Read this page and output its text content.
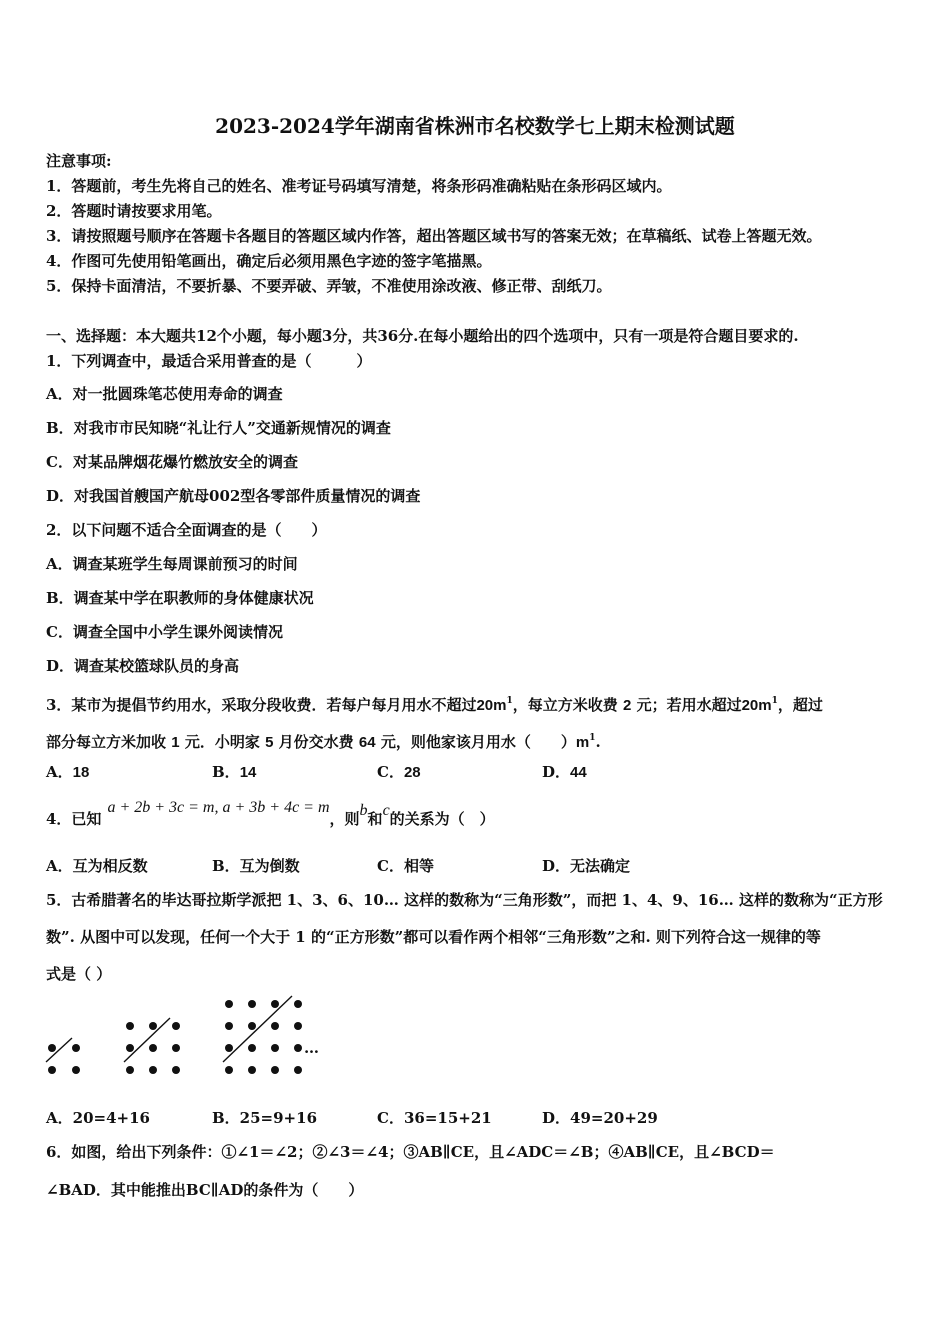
2023-2024学年湖南省株洲市名校数学七上期末检测试题
注意事项:
1．答题前，考生先将自己的姓名、准考证号码填写清楚，将条形码准确粘贴在条形码区域内。
2．答题时请按要求用笔。
3．请按照题号顺序在答题卡各题目的答题区域内作答，超出答题区域书写的答案无效；在草稿纸、试卷上答题无效。
4．作图可先使用铅笔画出，确定后必须用黑色字迹的签字笔描黑。
5．保持卡面清洁，不要折暴、不要弄破、弄皱，不准使用涂改液、修正带、刮纸刀。
一、选择题：本大题共12个小题，每小题3分，共36分.在每小题给出的四个选项中，只有一项是符合题目要求的.
1．下列调查中，最适合采用普查的是（　　　）
A．对一批圆珠笔芯使用寿命的调查
B．对我市市民知晓“礼让行人”交通新规情况的调查
C．对某品牌烟花爆竹燃放安全的调查
D．对我国首艘国产航母002型各零部件质量情况的调查
2．以下问题不适合全面调查的是（　　）
A．调查某班学生每周课前预习的时间
B．调查某中学在职教师的身体健康状况
C．调查全国中小学生课外阅读情况
D．调查某校篮球队员的身高
3．某市为提倡节约用水，采取分段收费．若每户每月用水不超过$20m^1$，每立方米收费 2 元；若用水超过$20m^1$，超过
部分每立方米加收 1 元．小明家 5 月份交水费 64 元，则他家该月用水（　　）$m^1$.
A．18	B．14	C．28	D．44
4．已知a + 2b + 3c = m, a + 3b + 4c = m，则b和c的关系为（　）
A．互为相反数	B．互为倒数	C．相等	D．无法确定
5．古希腊著名的毕达哥拉斯学派把 1、3、6、10… 这样的数称为“三角形数”，而把 1、4、9、16… 这样的数称为“正方形
数”. 从图中可以发现，任何一个大于 1 的“正方形数”都可以看作两个相邻“三角形数”之和. 则下列符合这一规律的等
式是（ ）
…
A．20=4+16	B．25=9+16	C．36=15+21	D．49=20+29
6．如图，给出下列条件：①∠1＝∠2；②∠3＝∠4；③AB∥CE，且∠ADC＝∠B；④AB∥CE，且∠BCD＝
∠BAD．其中能推出BC∥AD的条件为（　　）
